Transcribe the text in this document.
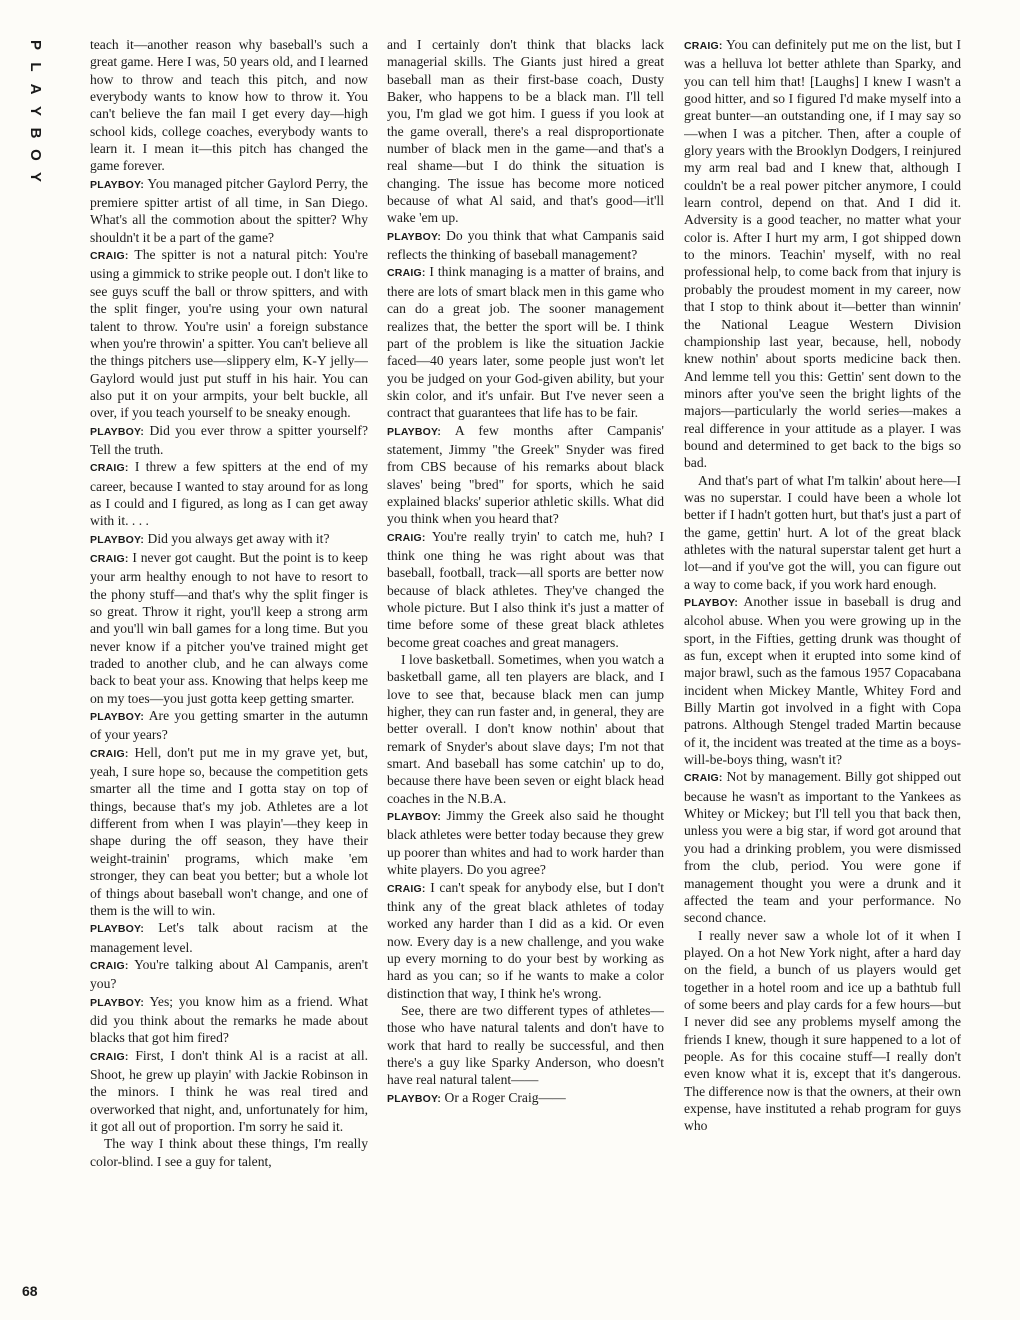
P
L
A
Y
B
O
Y

teach it—another reason why baseball's such a great game. Here I was, 50 years old, and I learned how to throw and teach this pitch, and now everybody wants to know how to throw it. You can't believe the fan mail I get every day—high school kids, college coaches, everybody wants to learn it. I mean it—this pitch has changed the game forever.

PLAYBOY: You managed pitcher Gaylord Perry, the premiere spitter artist of all time, in San Diego. What's all the commotion about the spitter? Why shouldn't it be a part of the game?

CRAIG: The spitter is not a natural pitch: You're using a gimmick to strike people out. I don't like to see guys scuff the ball or throw spitters, and with the split finger, you're using your own natural talent to throw. You're usin' a foreign substance when you're throwin' a spitter. You can't believe all the things pitchers use—slippery elm, K-Y jelly—Gaylord would just put stuff in his hair. You can also put it on your armpits, your belt buckle, all over, if you teach yourself to be sneaky enough.

PLAYBOY: Did you ever throw a spitter yourself? Tell the truth.

CRAIG: I threw a few spitters at the end of my career, because I wanted to stay around for as long as I could and I figured, as long as I can get away with it. . . .

PLAYBOY: Did you always get away with it?

CRAIG: I never got caught. But the point is to keep your arm healthy enough to not have to resort to the phony stuff—and that's why the split finger is so great. Throw it right, you'll keep a strong arm and you'll win ball games for a long time. But you never know if a pitcher you've trained might get traded to another club, and he can always come back to beat your ass. Knowing that helps keep me on my toes—you just gotta keep getting smarter.

PLAYBOY: Are you getting smarter in the autumn of your years?

CRAIG: Hell, don't put me in my grave yet, but, yeah, I sure hope so, because the competition gets smarter all the time and I gotta stay on top of things, because that's my job. Athletes are a lot different from when I was playin'—they keep in shape during the off season, they have their weight-trainin' programs, which make 'em stronger, they can beat you better; but a whole lot of things about baseball won't change, and one of them is the will to win.

PLAYBOY: Let's talk about racism at the management level.

CRAIG: You're talking about Al Campanis, aren't you?

PLAYBOY: Yes; you know him as a friend. What did you think about the remarks he made about blacks that got him fired?

CRAIG: First, I don't think Al is a racist at all. Shoot, he grew up playin' with Jackie Robinson in the minors. I think he was real tired and overworked that night, and, unfortunately for him, it got all out of proportion. I'm sorry he said it.

The way I think about these things, I'm really color-blind. I see a guy for talent,

and I certainly don't think that blacks lack managerial skills. The Giants just hired a great baseball man as their first-base coach, Dusty Baker, who happens to be a black man. I'll tell you, I'm glad we got him. I guess if you look at the game overall, there's a real disproportionate number of black men in the game—and that's a real shame—but I do think the situation is changing. The issue has become more noticed because of what Al said, and that's good—it'll wake 'em up.

PLAYBOY: Do you think that what Campanis said reflects the thinking of baseball management?

CRAIG: I think managing is a matter of brains, and there are lots of smart black men in this game who can do a great job. The sooner management realizes that, the better the sport will be. I think part of the problem is like the situation Jackie faced—40 years later, some people just won't let you be judged on your God-given ability, but your skin color, and it's unfair. But I've never seen a contract that guarantees that life has to be fair.

PLAYBOY: A few months after Campanis' statement, Jimmy "the Greek" Snyder was fired from CBS because of his remarks about black slaves' being "bred" for sports, which he said explained blacks' superior athletic skills. What did you think when you heard that?

CRAIG: You're really tryin' to catch me, huh? I think one thing he was right about was that baseball, football, track—all sports are better now because of black athletes. They've changed the whole picture. But I also think it's just a matter of time before some of these great black athletes become great coaches and great managers.

I love basketball. Sometimes, when you watch a basketball game, all ten players are black, and I love to see that, because black men can jump higher, they can run faster and, in general, they are better overall. I don't know nothin' about that remark of Snyder's about slave days; I'm not that smart. And baseball has some catchin' up to do, because there have been seven or eight black head coaches in the N.B.A.

PLAYBOY: Jimmy the Greek also said he thought black athletes were better today because they grew up poorer than whites and had to work harder than white players. Do you agree?

CRAIG: I can't speak for anybody else, but I don't think any of the great black athletes of today worked any harder than I did as a kid. Or even now. Every day is a new challenge, and you wake up every morning to do your best by working as hard as you can; so if he wants to make a color distinction that way, I think he's wrong.

See, there are two different types of athletes—those who have natural talents and don't have to work that hard to really be successful, and then there's a guy like Sparky Anderson, who doesn't have real natural talent——

PLAYBOY: Or a Roger Craig——

CRAIG: You can definitely put me on the list, but I was a helluva lot better athlete than Sparky, and you can tell him that! [Laughs] I knew I wasn't a good hitter, and so I figured I'd make myself into a great bunter—an outstanding one, if I may say so—when I was a pitcher. Then, after a couple of glory years with the Brooklyn Dodgers, I reinjured my arm real bad and I knew that, although I couldn't be a real power pitcher anymore, I could learn control, depend on that. And I did it. Adversity is a good teacher, no matter what your color is. After I hurt my arm, I got shipped down to the minors. Teachin' myself, with no real professional help, to come back from that injury is probably the proudest moment in my career, now that I stop to think about it—better than winnin' the National League Western Division championship last year, because, hell, nobody knew nothin' about sports medicine back then. And lemme tell you this: Gettin' sent down to the minors after you've seen the bright lights of the majors—particularly the world series—makes a real difference in your attitude as a player. I was bound and determined to get back to the bigs so bad.

And that's part of what I'm talkin' about here—I was no superstar. I could have been a whole lot better if I hadn't gotten hurt, but that's just a part of the game, gettin' hurt. A lot of the great black athletes with the natural superstar talent get hurt a lot—and if you've got the will, you can figure out a way to come back, if you work hard enough.

PLAYBOY: Another issue in baseball is drug and alcohol abuse. When you were growing up in the sport, in the Fifties, getting drunk was thought of as fun, except when it erupted into some kind of major brawl, such as the famous 1957 Copacabana incident when Mickey Mantle, Whitey Ford and Billy Martin got involved in a fight with Copa patrons. Although Stengel traded Martin because of it, the incident was treated at the time as a boys-will-be-boys thing, wasn't it?

CRAIG: Not by management. Billy got shipped out because he wasn't as important to the Yankees as Whitey or Mickey; but I'll tell you that back then, unless you were a big star, if word got around that you had a drinking problem, you were dismissed from the club, period. You were gone if management thought you were a drunk and it affected the team and your performance. No second chance.

I really never saw a whole lot of it when I played. On a hot New York night, after a hard day on the field, a bunch of us players would get together in a hotel room and ice up a bathtub full of some beers and play cards for a few hours—but I never did see any problems myself among the friends I knew, though it sure happened to a lot of people. As for this cocaine stuff—I really don't even know what it is, except that it's dangerous. The difference now is that the owners, at their own expense, have instituted a rehab program for guys who

68
